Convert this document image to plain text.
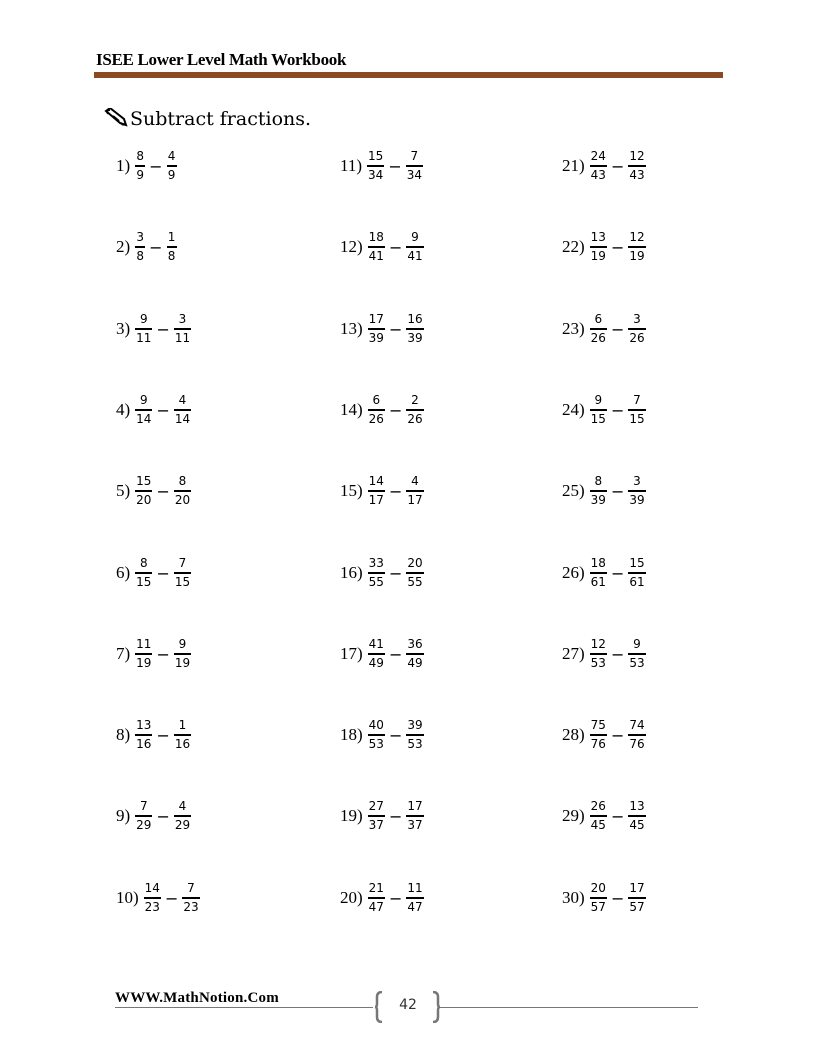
ISEE Lower Level Math Workbook
Subtract fractions.
$1) \frac{8}{9} - \frac{4}{9}$
$2) \frac{3}{8} - \frac{1}{8}$
$3) \frac{9}{11} - \frac{3}{11}$
$4) \frac{9}{14} - \frac{4}{14}$
$5) \frac{15}{20} - \frac{8}{20}$
$6) \frac{8}{15} - \frac{7}{15}$
$7) \frac{11}{19} - \frac{9}{19}$
$8) \frac{13}{16} - \frac{1}{16}$
$9) \frac{7}{29} - \frac{4}{29}$
$10) \frac{14}{23} - \frac{7}{23}$
$11) \frac{15}{34} - \frac{7}{34}$
$12) \frac{18}{41} - \frac{9}{41}$
$13) \frac{17}{39} - \frac{16}{39}$
$14) \frac{6}{26} - \frac{2}{26}$
$15) \frac{14}{17} - \frac{4}{17}$
$16) \frac{33}{55} - \frac{20}{55}$
$17) \frac{41}{49} - \frac{36}{49}$
$18) \frac{40}{53} - \frac{39}{53}$
$19) \frac{27}{37} - \frac{17}{37}$
$20) \frac{21}{47} - \frac{11}{47}$
$21) \frac{24}{43} - \frac{12}{43}$
$22) \frac{13}{19} - \frac{12}{19}$
$23) \frac{6}{26} - \frac{3}{26}$
$24) \frac{9}{15} - \frac{7}{15}$
$25) \frac{8}{39} - \frac{3}{39}$
$26) \frac{18}{61} - \frac{15}{61}$
$27) \frac{12}{53} - \frac{9}{53}$
$28) \frac{75}{76} - \frac{74}{76}$
$29) \frac{26}{45} - \frac{13}{45}$
$30) \frac{20}{57} - \frac{17}{57}$
WWW.MathNotion.Com	42
